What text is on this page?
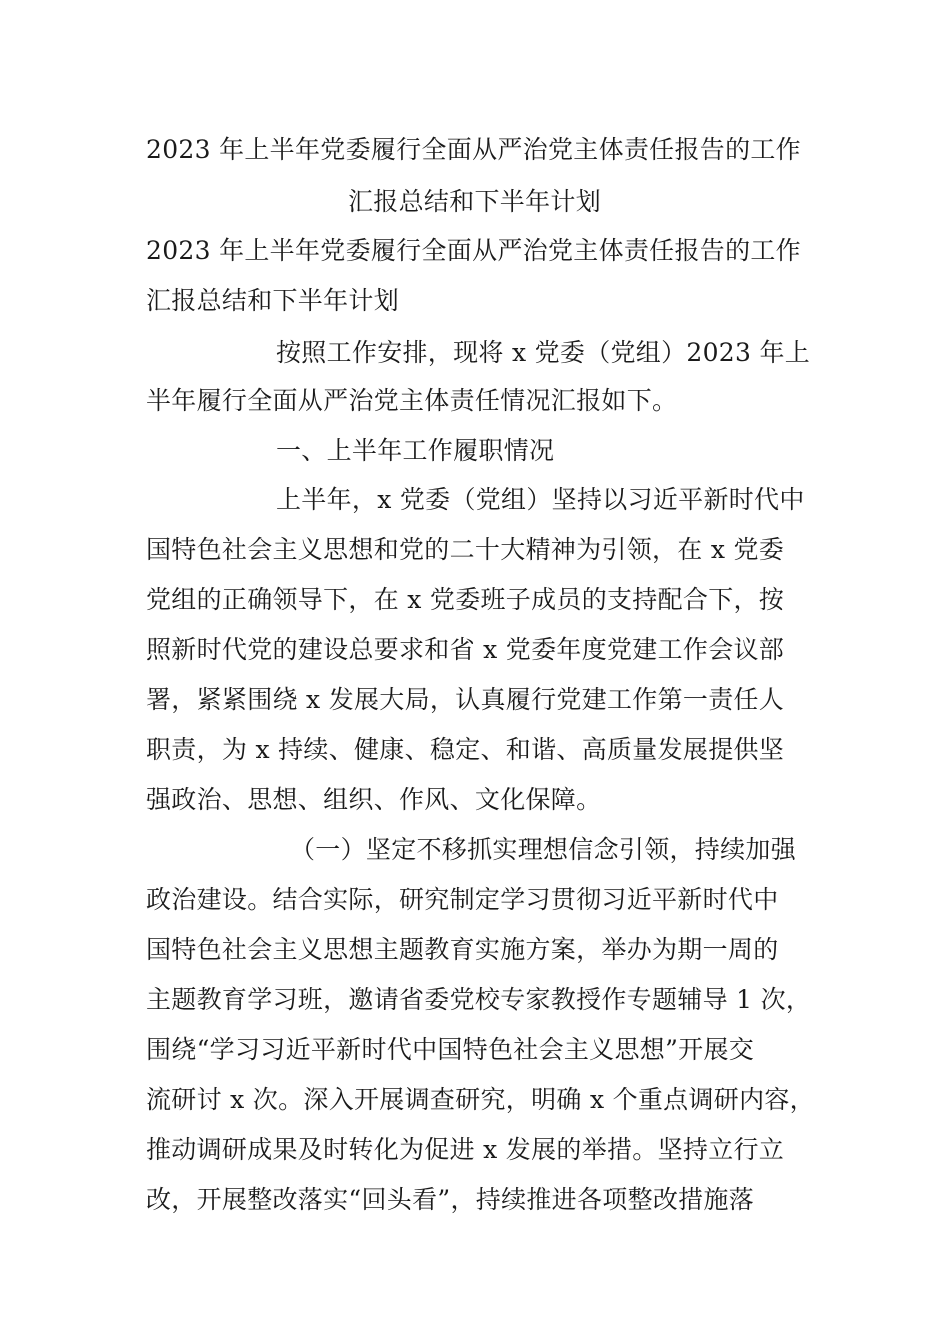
2023 年上半年党委履行全面从严治党主体责任报告的工作
汇报总结和下半年计划
2023 年上半年党委履行全面从严治党主体责任报告的工作
汇报总结和下半年计划
按照工作安排，现将 x 党委（党组）2023 年上
半年履行全面从严治党主体责任情况汇报如下。
一、上半年工作履职情况
上半年，x 党委（党组）坚持以习近平新时代中
国特色社会主义思想和党的二十大精神为引领，在 x 党委
党组的正确领导下，在 x 党委班子成员的支持配合下，按
照新时代党的建设总要求和省 x 党委年度党建工作会议部
署，紧紧围绕 x 发展大局，认真履行党建工作第一责任人
职责，为 x 持续、健康、稳定、和谐、高质量发展提供坚
强政治、思想、组织、作风、文化保障。
（一）坚定不移抓实理想信念引领，持续加强
政治建设。结合实际，研究制定学习贯彻习近平新时代中
国特色社会主义思想主题教育实施方案，举办为期一周的
主题教育学习班，邀请省委党校专家教授作专题辅导 1 次，
围绕“学习习近平新时代中国特色社会主义思想”开展交
流研讨 x 次。深入开展调查研究，明确 x 个重点调研内容，
推动调研成果及时转化为促进 x 发展的举措。坚持立行立
改，开展整改落实“回头看”，持续推进各项整改措施落
